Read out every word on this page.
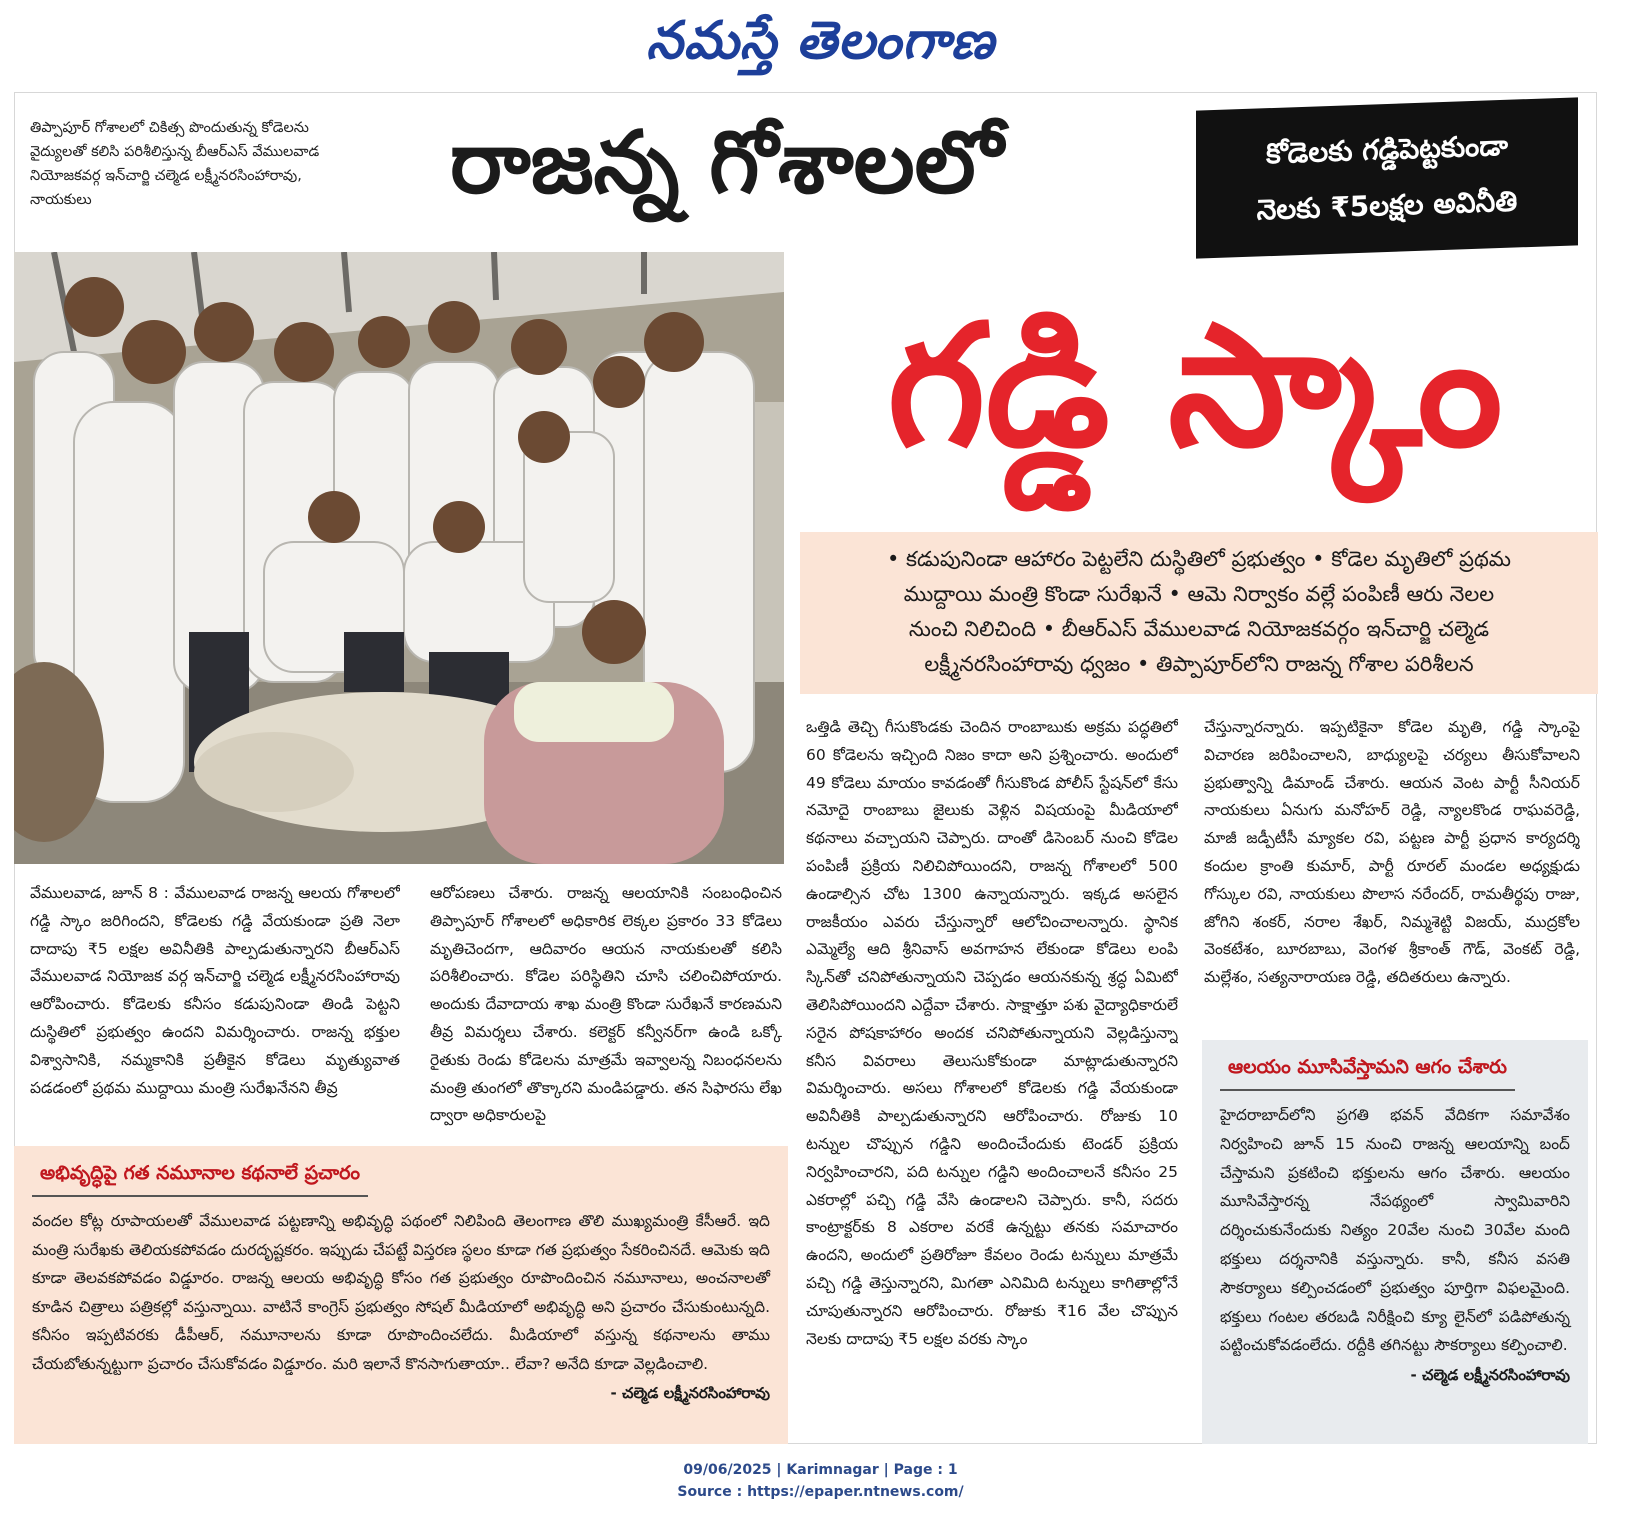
నమస్తే తెలంగాణ
తిప్పాపూర్ గోశాలలో చికిత్స పొందుతున్న కోడెలను వైద్యులతో కలిసి పరిశీలిస్తున్న బీఆర్ఎస్ వేములవాడ నియోజకవర్గ ఇన్‌చార్జి చల్మెడ లక్ష్మీనరసింహారావు, నాయకులు	రాజన్న గోశాలలో	కోడెలకు గడ్డిపెట్టకుండా
నెలకు ₹5లక్షల అవినీతి
గడ్డి స్కాం
• కడుపునిండా ఆహారం పెట్టలేని దుస్థితిలో ప్రభుత్వం • కోడెల మృతిలో ప్రథమ
ముద్దాయి మంత్రి కొండా సురేఖనే • ఆమె నిర్వాకం వల్లే పంపిణీ ఆరు నెలల
నుంచి నిలిచింది • బీఆర్ఎస్ వేములవాడ నియోజకవర్గం ఇన్‌చార్జి చల్మెడ
లక్ష్మీనరసింహారావు ధ్వజం • తిప్పాపూర్‌లోని రాజన్న గోశాల పరిశీలన
వేములవాడ, జూన్ 8 : వేములవాడ రాజన్న ఆలయ గోశాలలో గడ్డి స్కాం జరిగిందని, కోడెలకు గడ్డి వేయకుండా ప్రతి నెలా దాదాపు ₹5 లక్షల అవినీతికి పాల్పడుతున్నారని బీఆర్ఎస్ వేములవాడ నియోజక వర్గ ఇన్‌చార్జి చల్మెడ లక్ష్మీనరసింహారావు ఆరోపించారు. కోడెలకు కనీసం కడుపునిండా తిండి పెట్టని దుస్థితిలో ప్రభుత్వం ఉందని విమర్శించారు. రాజన్న భక్తుల విశ్వాసానికి, నమ్మకానికి ప్రతీకైన కోడెలు మృత్యువాత పడడంలో ప్రథమ ముద్దాయి మంత్రి సురేఖనేనని తీవ్ర
ఆరోపణలు చేశారు. రాజన్న ఆలయానికి సంబంధించిన తిప్పాపూర్ గోశాలలో అధికారిక లెక్కల ప్రకారం 33 కోడెలు మృతిచెందగా, ఆదివారం ఆయన నాయకులతో కలిసి పరిశీలించారు. కోడెల పరిస్థితిని చూసి చలించిపోయారు. అందుకు దేవాదాయ శాఖ మంత్రి కొండా సురేఖనే కారణమని తీవ్ర విమర్శలు చేశారు. కలెక్టర్ కన్వీనర్‌గా ఉండి ఒక్కో రైతుకు రెండు కోడెలను మాత్రమే ఇవ్వాలన్న నిబంధనలను మంత్రి తుంగలో తొక్కారని మండిపడ్డారు. తన సిఫారసు లేఖ ద్వారా అధికారులపై
ఒత్తిడి తెచ్చి గీసుకొండకు చెందిన రాంబాబుకు అక్రమ పద్ధతిలో 60 కోడెలను ఇచ్చింది నిజం కాదా అని ప్రశ్నించారు. అందులో 49 కోడెలు మాయం కావడంతో గీసుకొండ పోలీస్ స్టేషన్‌లో కేసు నమోదై రాంబాబు జైలుకు వెళ్లిన విషయంపై మీడియాలో కథనాలు వచ్చాయని చెప్పారు. దాంతో డిసెంబర్ నుంచి కోడెల పంపిణీ ప్రక్రియ నిలిచిపోయిందని, రాజన్న గోశాలలో 500 ఉండాల్సిన చోట 1300 ఉన్నాయన్నారు. ఇక్కడ అసలైన రాజకీయం ఎవరు చేస్తున్నారో ఆలోచించాలన్నారు. స్థానిక ఎమ్మెల్యే ఆది శ్రీనివాస్ అవగాహన లేకుండా కోడెలు లంపి స్కిన్‌తో చనిపోతున్నాయని చెప్పడం ఆయనకున్న శ్రద్ధ ఏమిటో తెలిసిపోయిందని ఎద్దేవా చేశారు. సాక్షాత్తూ పశు వైద్యాధికారులే సరైన పోషకాహారం అందక చనిపోతున్నాయని వెల్లడిస్తున్నా కనీస వివరాలు తెలుసుకోకుండా మాట్లాడుతున్నారని విమర్శించారు. అసలు గోశాలలో కోడెలకు గడ్డి వేయకుండా అవినీతికి పాల్పడుతున్నారని ఆరోపించారు. రోజుకు 10 టన్నుల చొప్పున గడ్డిని అందించేందుకు టెండర్ ప్రక్రియ నిర్వహించారని, పది టన్నుల గడ్డిని అందించాలనే కనీసం 25 ఎకరాల్లో పచ్చి గడ్డి వేసి ఉండాలని చెప్పారు. కానీ, సదరు కాంట్రాక్టర్‌కు 8 ఎకరాల వరకే ఉన్నట్టు తనకు సమాచారం ఉందని, అందులో ప్రతిరోజూ కేవలం రెండు టన్నులు మాత్రమే పచ్చి గడ్డి తెస్తున్నారని, మిగతా ఎనిమిది టన్నులు కాగితాల్లోనే చూపుతున్నారని ఆరోపించారు. రోజుకు ₹16 వేల చొప్పున నెలకు దాదాపు ₹5 లక్షల వరకు స్కాం
చేస్తున్నారన్నారు. ఇప్పటికైనా కోడెల మృతి, గడ్డి స్కాంపై విచారణ జరిపించాలని, బాధ్యులపై చర్యలు తీసుకోవాలని ప్రభుత్వాన్ని డిమాండ్ చేశారు. ఆయన వెంట పార్టీ సీనియర్ నాయకులు ఏనుగు మనోహర్ రెడ్డి, న్యాలకొండ రాఘవరెడ్డి, మాజీ జడ్పీటీసీ మ్యాకల రవి, పట్టణ పార్టీ ప్రధాన కార్యదర్శి కందుల క్రాంతి కుమార్, పార్టీ రూరల్ మండల అధ్యక్షుడు గోస్కుల రవి, నాయకులు పొలాస నరేందర్, రామతీర్థపు రాజు, జోగిని శంకర్, నరాల శేఖర్, నిమ్మశెట్టి విజయ్, ముద్రకోల వెంకటేశం, బూరబాబు, వెంగళ శ్రీకాంత్ గౌడ్, వెంకట్ రెడ్డి, మల్లేశం, సత్యనారాయణ రెడ్డి, తదితరులు ఉన్నారు.
అభివృద్ధిపై గత నమూనాల కథనాలే ప్రచారం
వందల కోట్ల రూపాయలతో వేములవాడ పట్టణాన్ని అభివృద్ధి పథంలో నిలిపింది తెలంగాణ తొలి ముఖ్యమంత్రి కేసీఆరే. ఇది మంత్రి సురేఖకు తెలియకపోవడం దురదృష్టకరం. ఇప్పుడు చేపట్టే విస్తరణ స్థలం కూడా గత ప్రభుత్వం సేకరించినదే. ఆమెకు ఇది కూడా తెలవకపోవడం విడ్డూరం. రాజన్న ఆలయ అభివృద్ధి కోసం గత ప్రభుత్వం రూపొందించిన నమూనాలు, అంచనాలతో కూడిన చిత్రాలు పత్రికల్లో వస్తున్నాయి. వాటినే కాంగ్రెస్ ప్రభుత్వం సోషల్ మీడియాలో అభివృద్ధి అని ప్రచారం చేసుకుంటున్నది. కనీసం ఇప్పటివరకు డీపీఆర్, నమూనాలను కూడా రూపొందించలేదు. మీడియాలో వస్తున్న కథనాలను తాము చేయబోతున్నట్టుగా ప్రచారం చేసుకోవడం విడ్డూరం. మరి ఇలానే కొనసాగుతాయా.. లేవా? అనేది కూడా వెల్లడించాలి.
- చల్మెడ లక్ష్మీనరసింహారావు
ఆలయం మూసివేస్తామని ఆగం చేశారు
హైదరాబాద్‌లోని ప్రగతి భవన్ వేదికగా సమావేశం నిర్వహించి జూన్ 15 నుంచి రాజన్న ఆలయాన్ని బంద్ చేస్తామని ప్రకటించి భక్తులను ఆగం చేశారు. ఆలయం మూసివేస్తారన్న నేపథ్యంలో స్వామివారిని దర్శించుకునేందుకు నిత్యం 20వేల నుంచి 30వేల మంది భక్తులు దర్శనానికి వస్తున్నారు. కానీ, కనీస వసతి సౌకర్యాలు కల్పించడంలో ప్రభుత్వం పూర్తిగా విఫలమైంది. భక్తులు గంటల తరబడి నిరీక్షించి క్యూ లైన్‌లో పడిపోతున్న పట్టించుకోవడంలేదు. రద్దీకి తగినట్టు సౌకర్యాలు కల్పించాలి.
- చల్మెడ లక్ష్మీనరసింహారావు
09/06/2025 | Karimnagar | Page : 1
Source : https://epaper.ntnews.com/
